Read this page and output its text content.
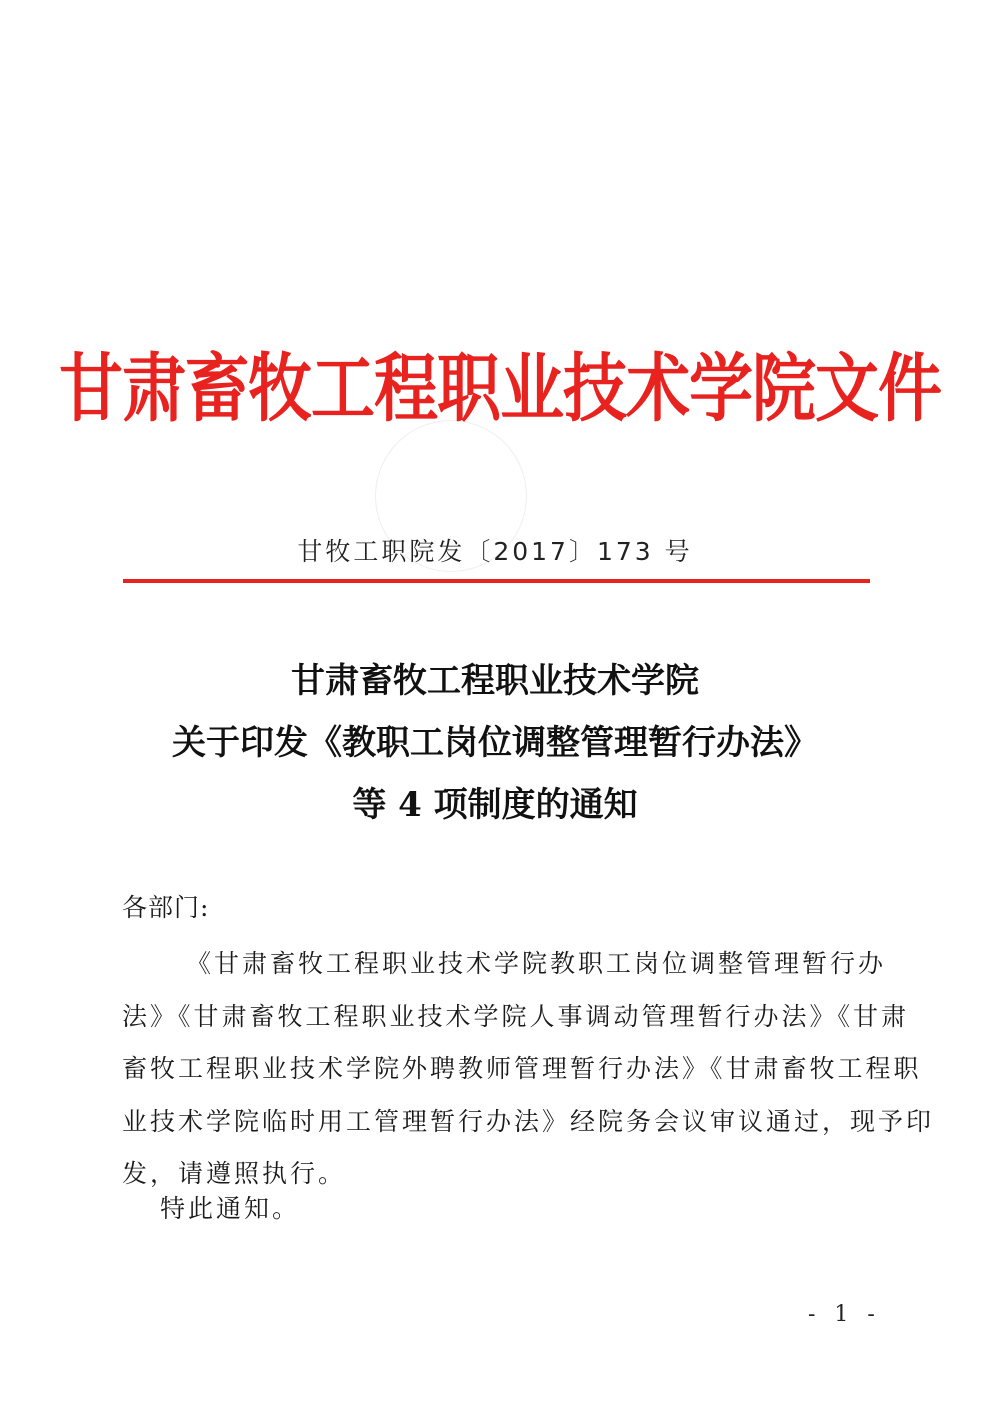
甘肃畜牧工程职业技术学院文件
甘牧工职院发〔2017〕173 号
甘肃畜牧工程职业技术学院
关于印发《教职工岗位调整管理暂行办法》
等 4 项制度的通知
各部门:
《甘肃畜牧工程职业技术学院教职工岗位调整管理暂行办
法》《甘肃畜牧工程职业技术学院人事调动管理暂行办法》《甘肃
畜牧工程职业技术学院外聘教师管理暂行办法》《甘肃畜牧工程职
业技术学院临时用工管理暂行办法》经院务会议审议通过，现予印
发，请遵照执行。
特此通知。
- 1 -
